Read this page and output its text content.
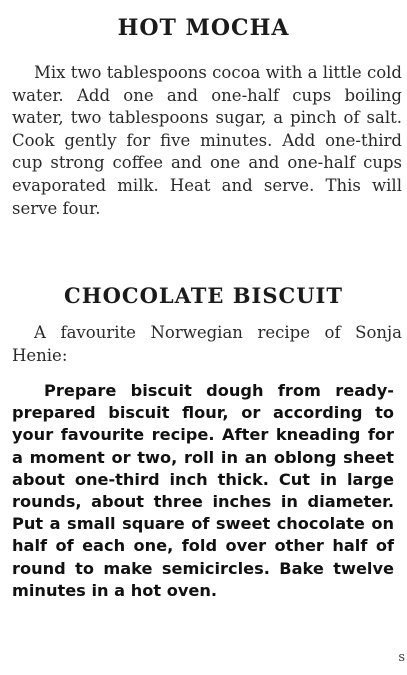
HOT MOCHA

Mix two tablespoons cocoa with a little cold water. Add one and one-half cups boiling water, two tablespoons sugar, a pinch of salt. Cook gently for five minutes. Add one-third cup strong coffee and one and one-half cups evaporated milk. Heat and serve. This will serve four.

CHOCOLATE BISCUIT

A favourite Norwegian recipe of Sonja Henie:

Prepare biscuit dough from ready-prepared biscuit flour, or according to your favourite recipe. After kneading for a moment or two, roll in an oblong sheet about one-third inch thick. Cut in large rounds, about three inches in diameter. Put a small square of sweet chocolate on half of each one, fold over other half of round to make semicircles. Bake twelve minutes in a hot oven.

s
